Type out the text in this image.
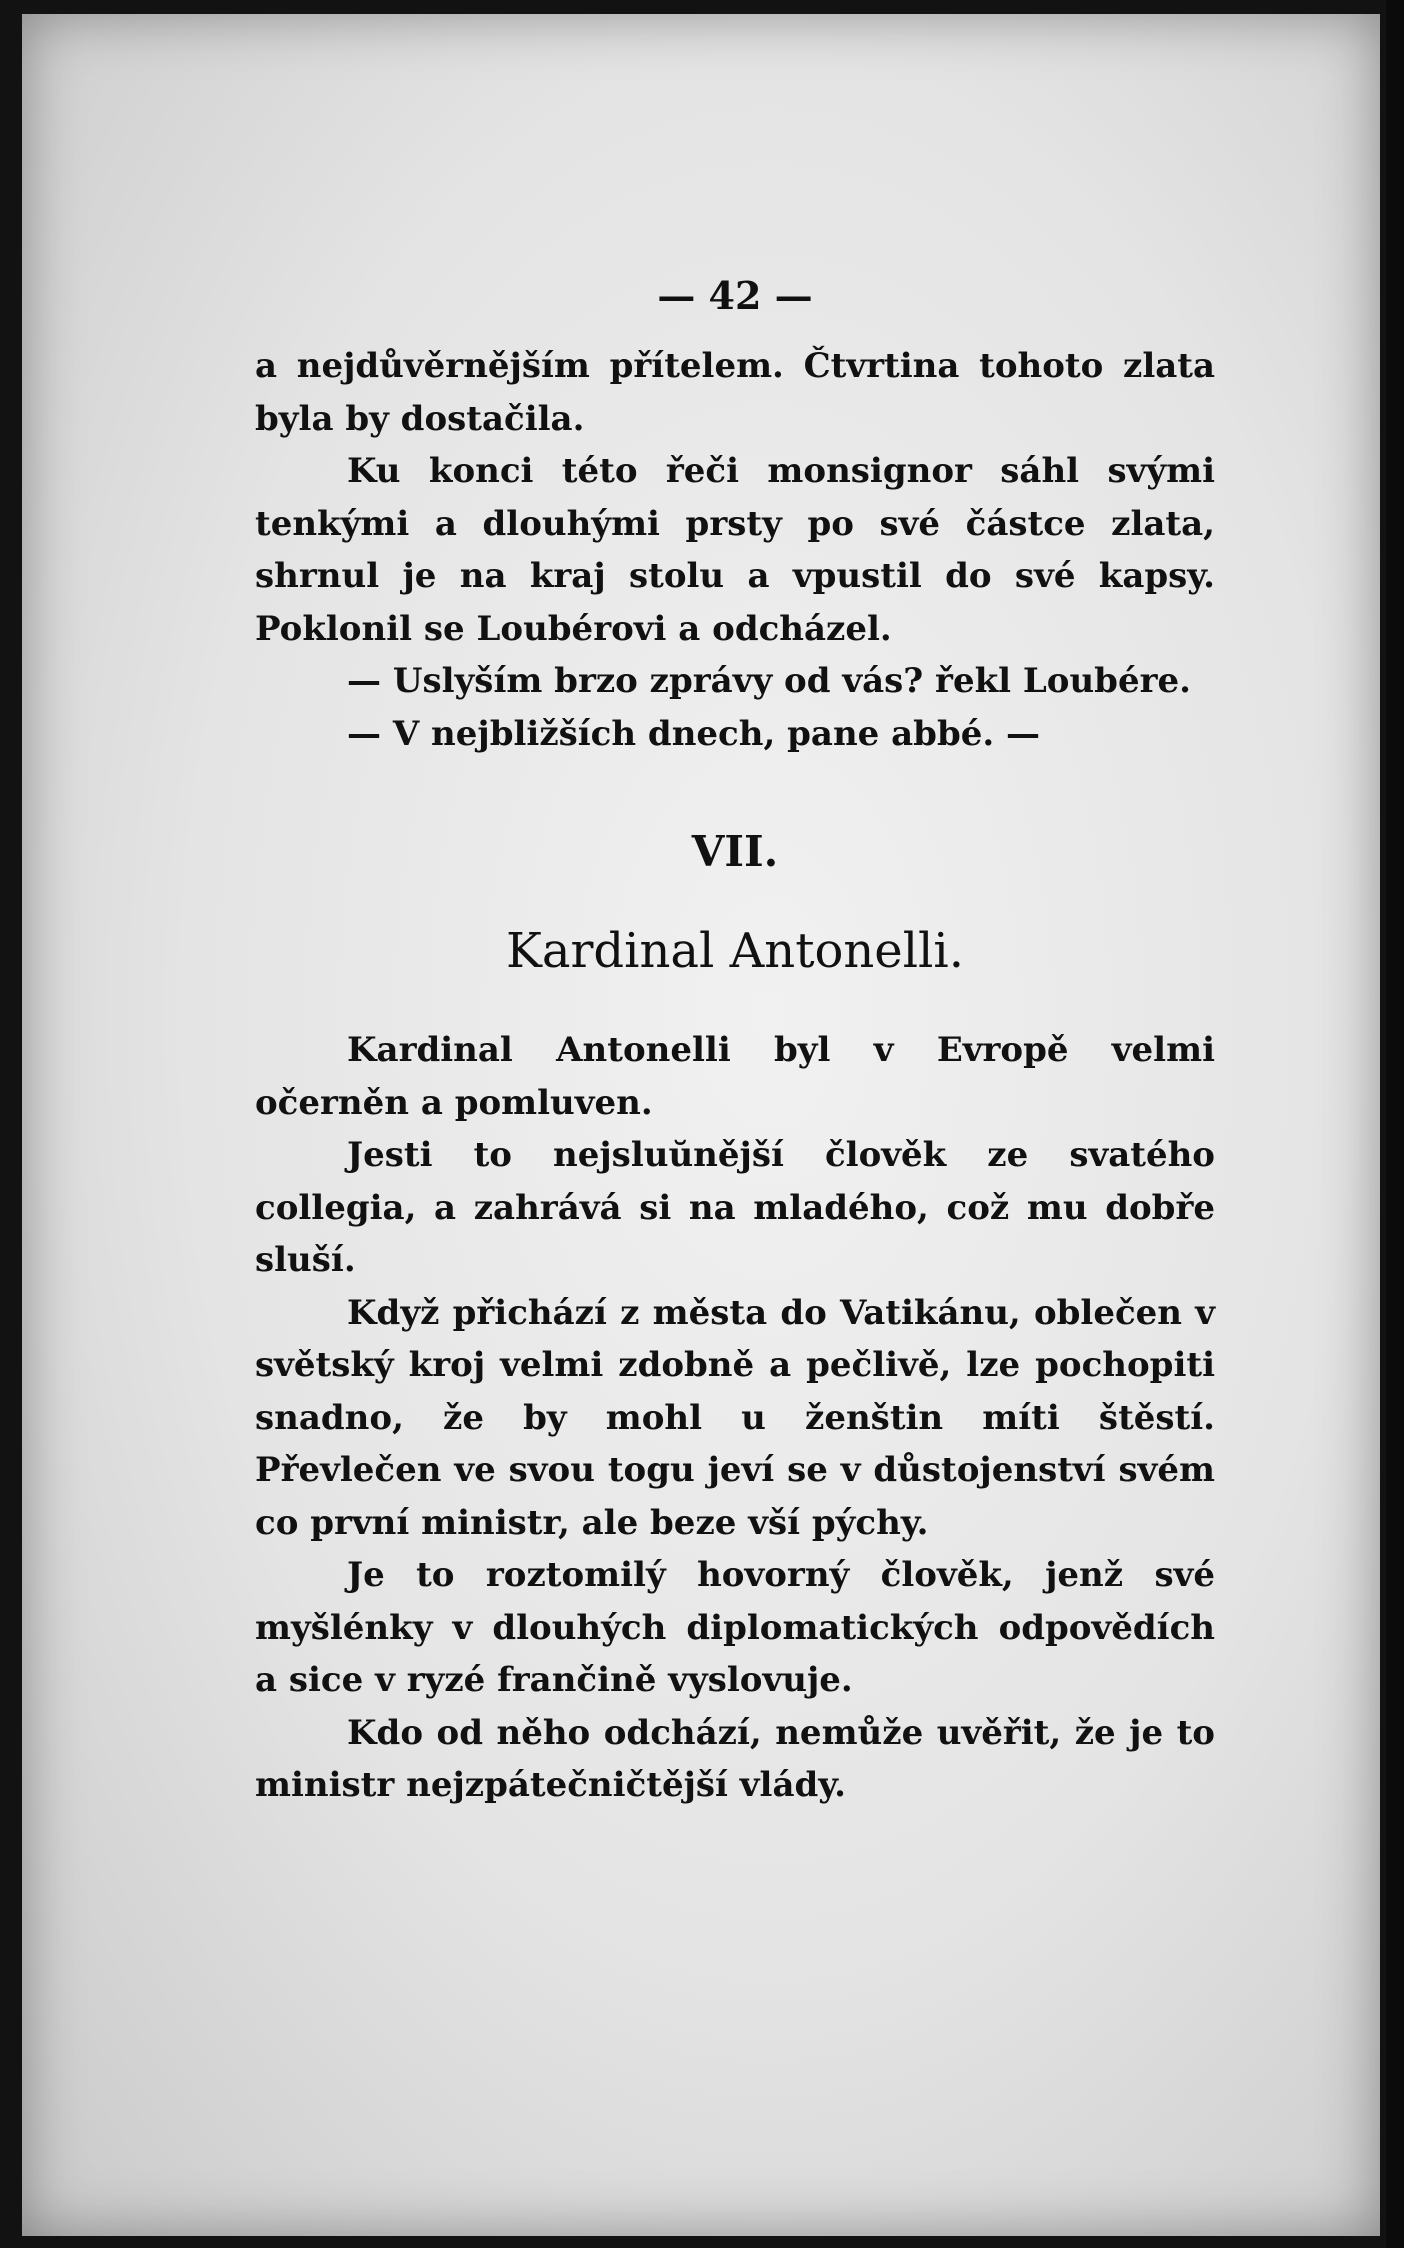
— 42 —

a nejdůvěrnějším přítelem. Čtvrtina tohoto zlata byla by dostačila.

Ku konci této řeči monsignor sáhl svými tenkými a dlouhými prsty po své částce zlata, shrnul je na kraj stolu a vpustil do své kapsy. Poklonil se Loubérovi a odcházel.

— Uslyším brzo zprávy od vás? řekl Loubére.

— V nejbližších dnech, pane abbé. —

VII.
Kardinal Antonelli.

Kardinal Antonelli byl v Evropě velmi očerněn a pomluven.

Jesti to nejsluŭnější člověk ze svatého collegia, a zahrává si na mladého, což mu dobře sluší.

Když přichází z města do Vatikánu, oblečen v světský kroj velmi zdobně a pečlivě, lze pochopiti snadno, že by mohl u ženštin míti štěstí. Převlečen ve svou togu jeví se v důstojenství svém co první ministr, ale beze vší pýchy.

Je to roztomilý hovorný člověk, jenž své myšlénky v dlouhých diplomatických odpovědích a sice v ryzé frančině vyslovuje.

Kdo od něho odchází, nemůže uvěřit, že je to ministr nejzpátečničtější vlády.
